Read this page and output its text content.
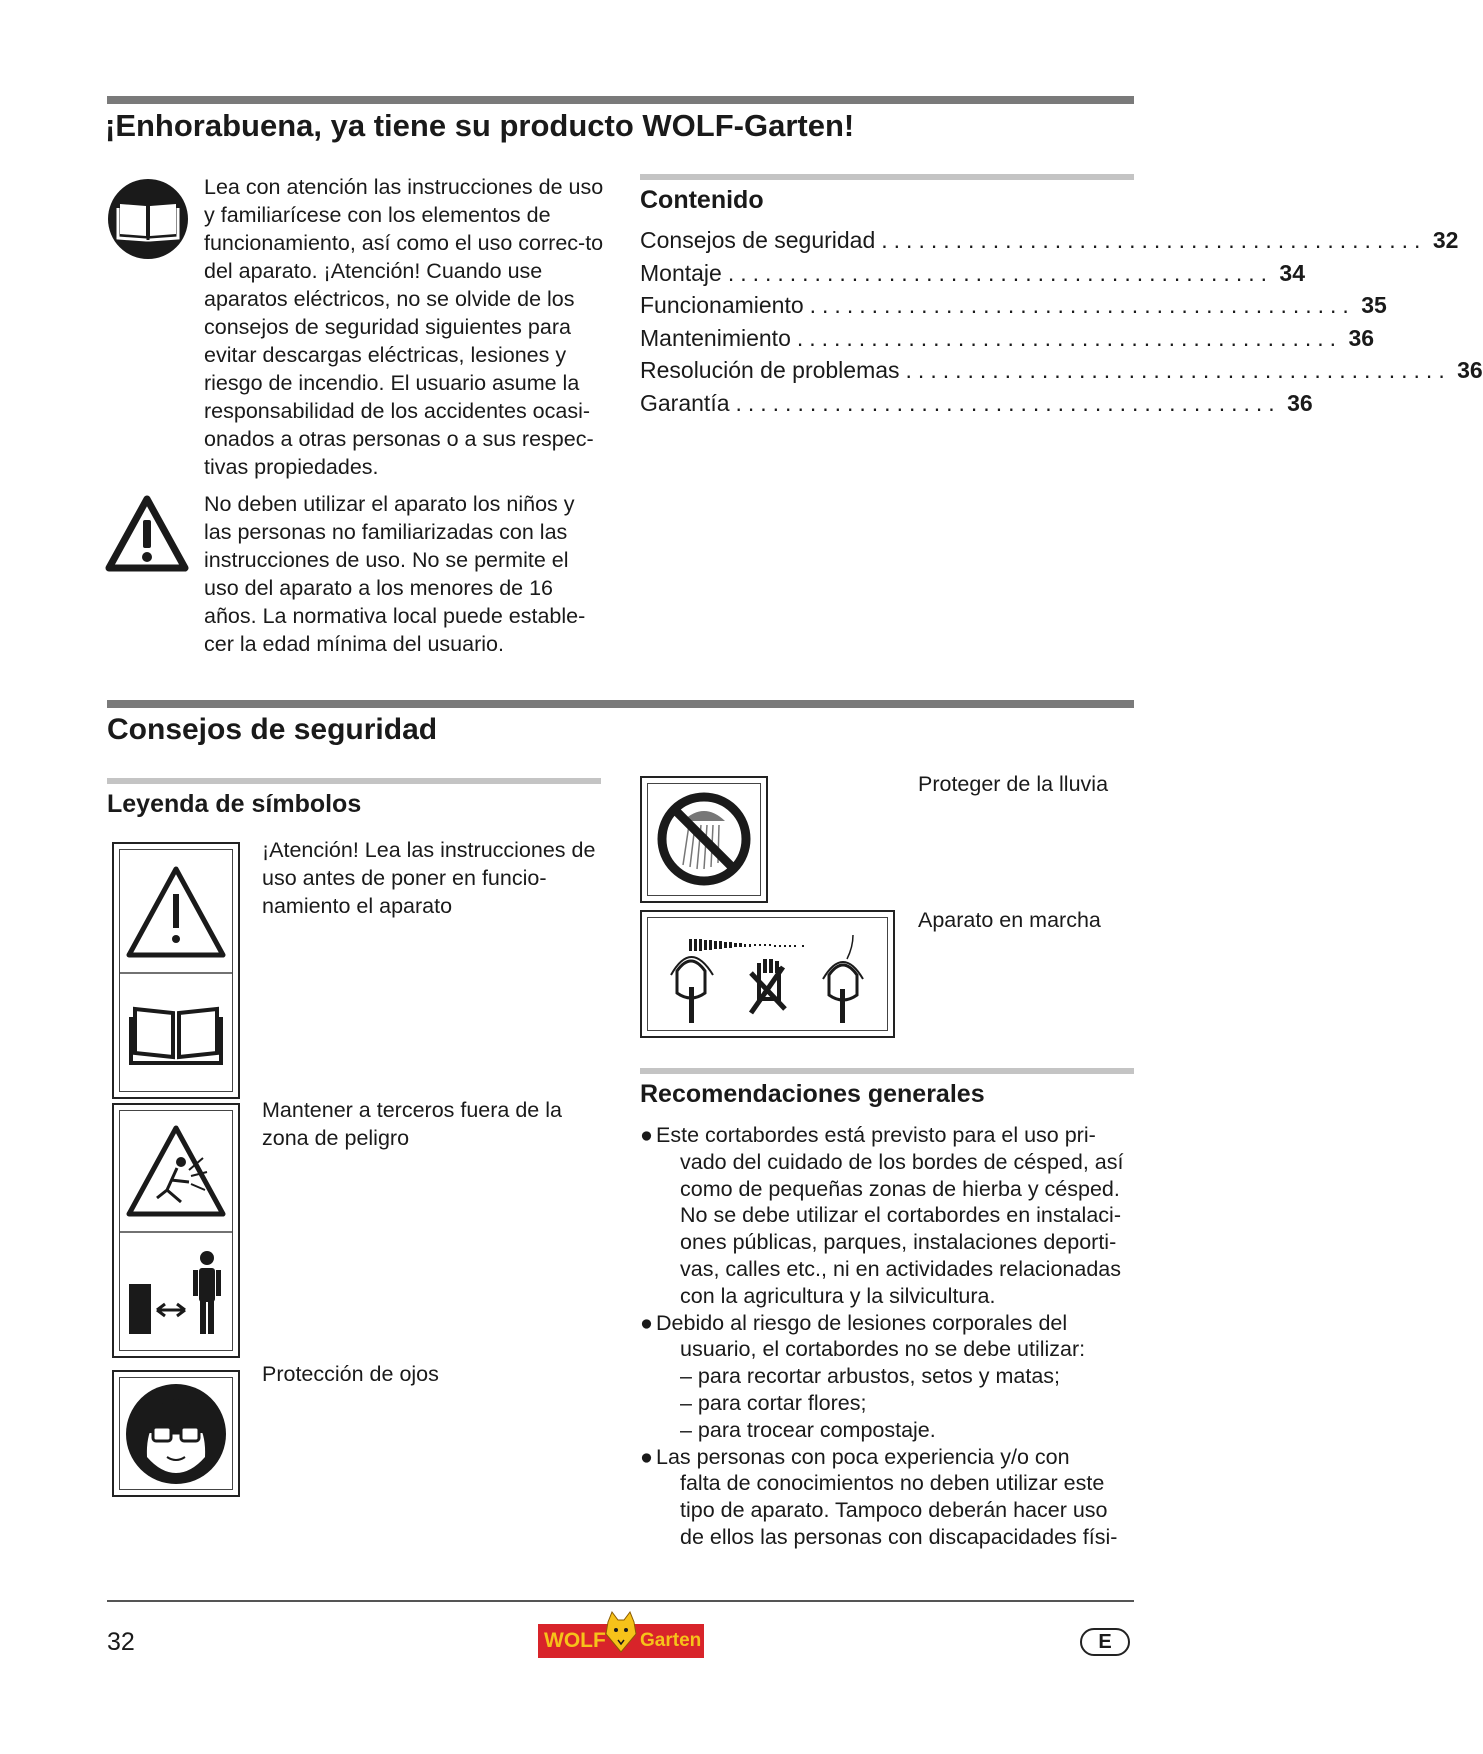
¡Enhorabuena, ya tiene su producto WOLF-Garten!
Lea con atención las instrucciones de uso y familiarícese con los elementos de funcionamiento, así como el uso correc-to del aparato. ¡Atención! Cuando use aparatos eléctricos, no se olvide de los consejos de seguridad siguientes para evitar descargas eléctricas, lesiones y riesgo de incendio. El usuario asume la responsabilidad de los accidentes ocasi-onados a otras personas o a sus respec-tivas propiedades.
No deben utilizar el aparato los niños y las personas no familiarizadas con las instrucciones de uso. No se permite el uso del aparato a los menores de 16 años. La normativa local puede estable-cer la edad mínima del usuario.
Contenido
Consejos de seguridad ............................................ 32
Montaje ............................................ 34
Funcionamiento ............................................ 35
Mantenimiento ............................................ 36
Resolución de problemas ............................................ 36
Garantía ............................................ 36
Consejos de seguridad
Leyenda de símbolos
¡Atención! Lea las instrucciones de uso antes de poner en funcio-namiento el aparato
Mantener a terceros fuera de la zona de peligro
Protección de ojos
Proteger de la lluvia
Aparato en marcha
Recomendaciones generales
● Este cortabordes está previsto para el uso pri-
vado del cuidado de los bordes de césped, así
como de pequeñas zonas de hierba y césped.
No se debe utilizar el cortabordes en instalaci-
ones públicas, parques, instalaciones deporti-
vas, calles etc., ni en actividades relacionadas
con la agricultura y la silvicultura.
● Debido al riesgo de lesiones corporales del
usuario, el cortabordes no se debe utilizar:
– para recortar arbustos, setos y matas;
– para cortar flores;
– para trocear compostaje.
● Las personas con poca experiencia y/o con
falta de conocimientos no deben utilizar este
tipo de aparato. Tampoco deberán hacer uso
de ellos las personas con discapacidades físi-
32	WOLF Garten	E
